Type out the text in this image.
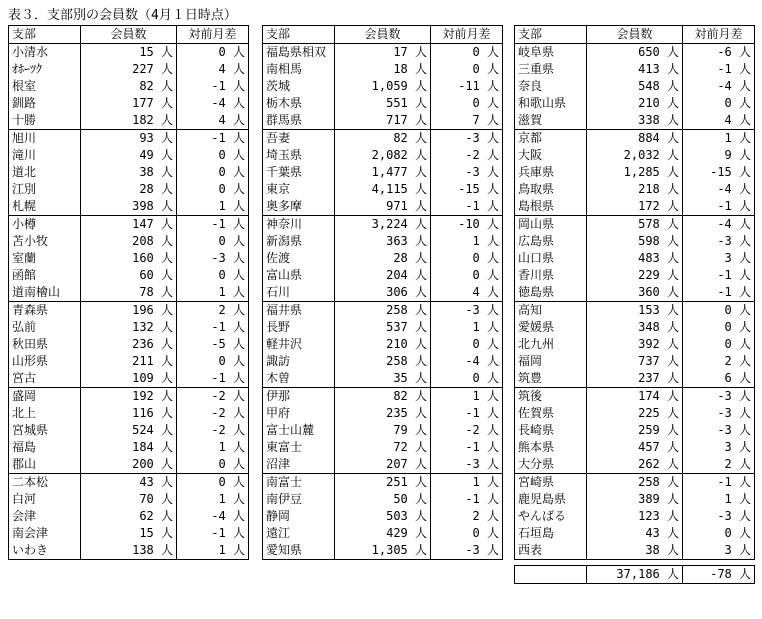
表３．支部別の会員数（4月１日時点）
支部	会員数	対前月差
小清水	15 人	0 人
ｵﾎｰﾂｸ	227 人	4 人
根室	82 人	-1 人
釧路	177 人	-4 人
十勝	182 人	4 人
旭川	93 人	-1 人
滝川	49 人	0 人
道北	38 人	0 人
江別	28 人	0 人
札幌	398 人	1 人
小樽	147 人	-1 人
苫小牧	208 人	0 人
室蘭	160 人	-3 人
函館	60 人	0 人
道南檜山	78 人	1 人
青森県	196 人	2 人
弘前	132 人	-1 人
秋田県	236 人	-5 人
山形県	211 人	0 人
宮古	109 人	-1 人
盛岡	192 人	-2 人
北上	116 人	-2 人
宮城県	524 人	-2 人
福島	184 人	1 人
郡山	200 人	0 人
二本松	43 人	0 人
白河	70 人	1 人
会津	62 人	-4 人
南会津	15 人	-1 人
いわき	138 人	1 人
支部	会員数	対前月差
福島県相双	17 人	0 人
南相馬	18 人	0 人
茨城	1,059 人	-11 人
栃木県	551 人	0 人
群馬県	717 人	7 人
吾妻	82 人	-3 人
埼玉県	2,082 人	-2 人
千葉県	1,477 人	-3 人
東京	4,115 人	-15 人
奥多摩	971 人	-1 人
神奈川	3,224 人	-10 人
新潟県	363 人	1 人
佐渡	28 人	0 人
富山県	204 人	0 人
石川	306 人	4 人
福井県	258 人	-3 人
長野	537 人	1 人
軽井沢	210 人	0 人
諏訪	258 人	-4 人
木曽	35 人	0 人
伊那	82 人	1 人
甲府	235 人	-1 人
富士山麓	79 人	-2 人
東富士	72 人	-1 人
沼津	207 人	-3 人
南富士	251 人	1 人
南伊豆	50 人	-1 人
静岡	503 人	2 人
遠江	429 人	0 人
愛知県	1,305 人	-3 人
支部	会員数	対前月差
岐阜県	650 人	-6 人
三重県	413 人	-1 人
奈良	548 人	-4 人
和歌山県	210 人	0 人
滋賀	338 人	4 人
京都	884 人	1 人
大阪	2,032 人	9 人
兵庫県	1,285 人	-15 人
鳥取県	218 人	-4 人
島根県	172 人	-1 人
岡山県	578 人	-4 人
広島県	598 人	-3 人
山口県	483 人	3 人
香川県	229 人	-1 人
徳島県	360 人	-1 人
高知	153 人	0 人
愛媛県	348 人	0 人
北九州	392 人	0 人
福岡	737 人	2 人
筑豊	237 人	6 人
筑後	174 人	-3 人
佐賀県	225 人	-3 人
長崎県	259 人	-3 人
熊本県	457 人	3 人
大分県	262 人	2 人
宮崎県	258 人	-1 人
鹿児島県	389 人	1 人
やんばる	123 人	-3 人
石垣島	43 人	0 人
西表	38 人	3 人

	37,186 人	-78 人
